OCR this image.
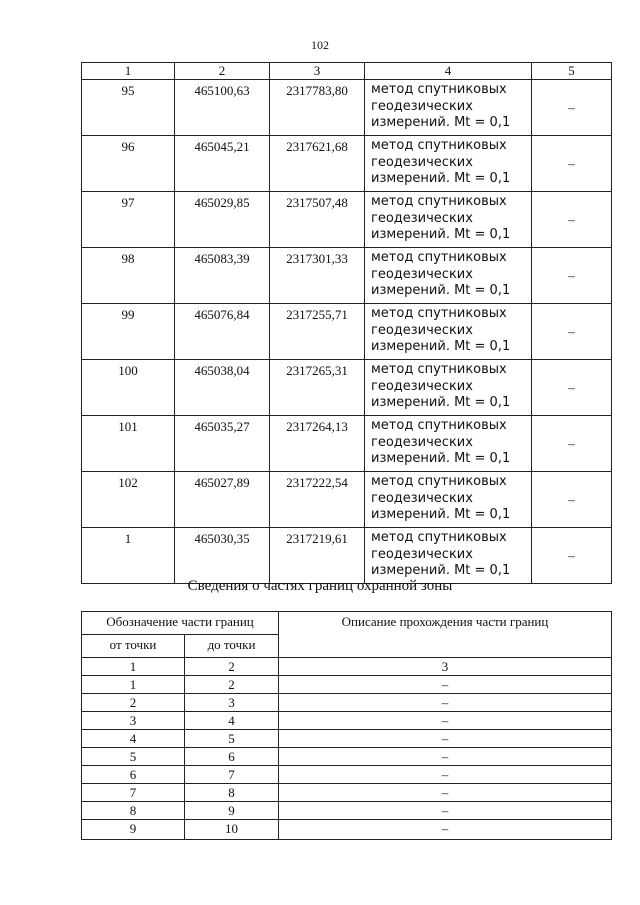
102
1	2	3	4	5
95	465100,63	2317783,80	метод спутниковых
геодезических
измерений. Mt = 0,1	–
96	465045,21	2317621,68	метод спутниковых
геодезических
измерений. Mt = 0,1	–
97	465029,85	2317507,48	метод спутниковых
геодезических
измерений. Mt = 0,1	–
98	465083,39	2317301,33	метод спутниковых
геодезических
измерений. Mt = 0,1	–
99	465076,84	2317255,71	метод спутниковых
геодезических
измерений. Mt = 0,1	–
100	465038,04	2317265,31	метод спутниковых
геодезических
измерений. Mt = 0,1	–
101	465035,27	2317264,13	метод спутниковых
геодезических
измерений. Mt = 0,1	–
102	465027,89	2317222,54	метод спутниковых
геодезических
измерений. Mt = 0,1	–
1	465030,35	2317219,61	метод спутниковых
геодезических
измерений. Mt = 0,1	–
Сведения о частях границ охранной зоны
Обозначение части границ		Описание прохождения части границ
от точки	до точки	
1	2	3
1	2	–
2	3	–
3	4	–
4	5	–
5	6	–
6	7	–
7	8	–
8	9	–
9	10	–
